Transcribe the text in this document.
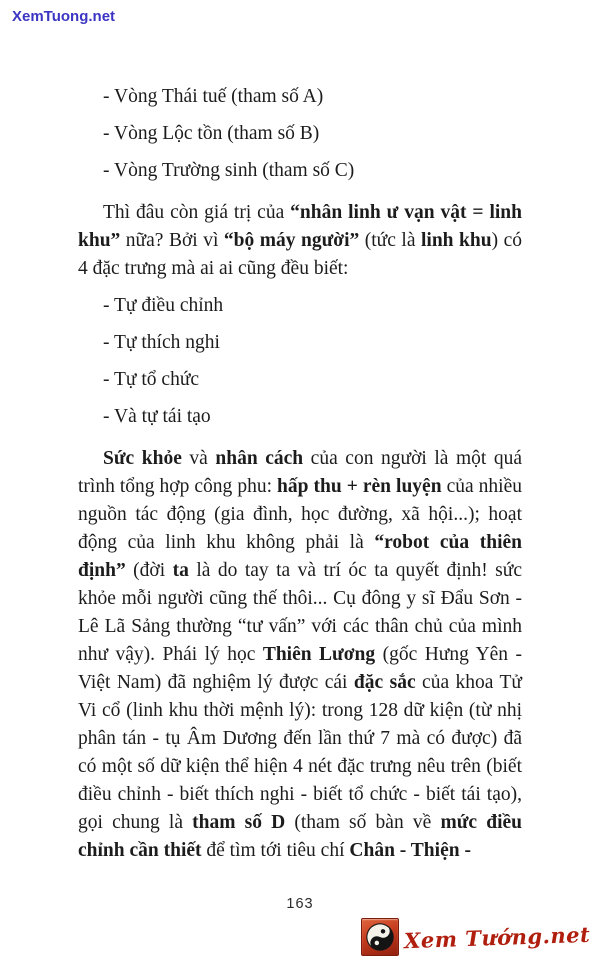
XemTuong.net

- Vòng Thái tuế (tham số A)

- Vòng Lộc tồn (tham số B)

- Vòng Trường sinh (tham số C)

Thì đâu còn giá trị của “nhân linh ư vạn vật = linh khu” nữa? Bởi vì “bộ máy người” (tức là linh khu) có 4 đặc trưng mà ai ai cũng đều biết:

- Tự điều chỉnh

- Tự thích nghi

- Tự tổ chức

- Và tự tái tạo

Sức khỏe và nhân cách của con người là một quá trình tổng hợp công phu: hấp thu + rèn luyện của nhiều nguồn tác động (gia đình, học đường, xã hội...); hoạt động của linh khu không phải là “robot của thiên định” (đời ta là do tay ta và trí óc ta quyết định! sức khỏe mỗi người cũng thế thôi... Cụ đông y sĩ Đẩu Sơn - Lê Lã Sảng thường “tư vấn” với các thân chủ của mình như vậy). Phái lý học Thiên Lương (gốc Hưng Yên - Việt Nam) đã nghiệm lý được cái đặc sắc của khoa Tử Vi cổ (linh khu thời mệnh lý): trong 128 dữ kiện (từ nhị phân tán - tụ Âm Dương đến lần thứ 7 mà có được) đã có một số dữ kiện thể hiện 4 nét đặc trưng nêu trên (biết điều chỉnh - biết thích nghi - biết tổ chức - biết tái tạo), gọi chung là tham số D (tham số bàn về mức điều chỉnh cần thiết để tìm tới tiêu chí Chân - Thiện -

163
Xem Tướng.net
